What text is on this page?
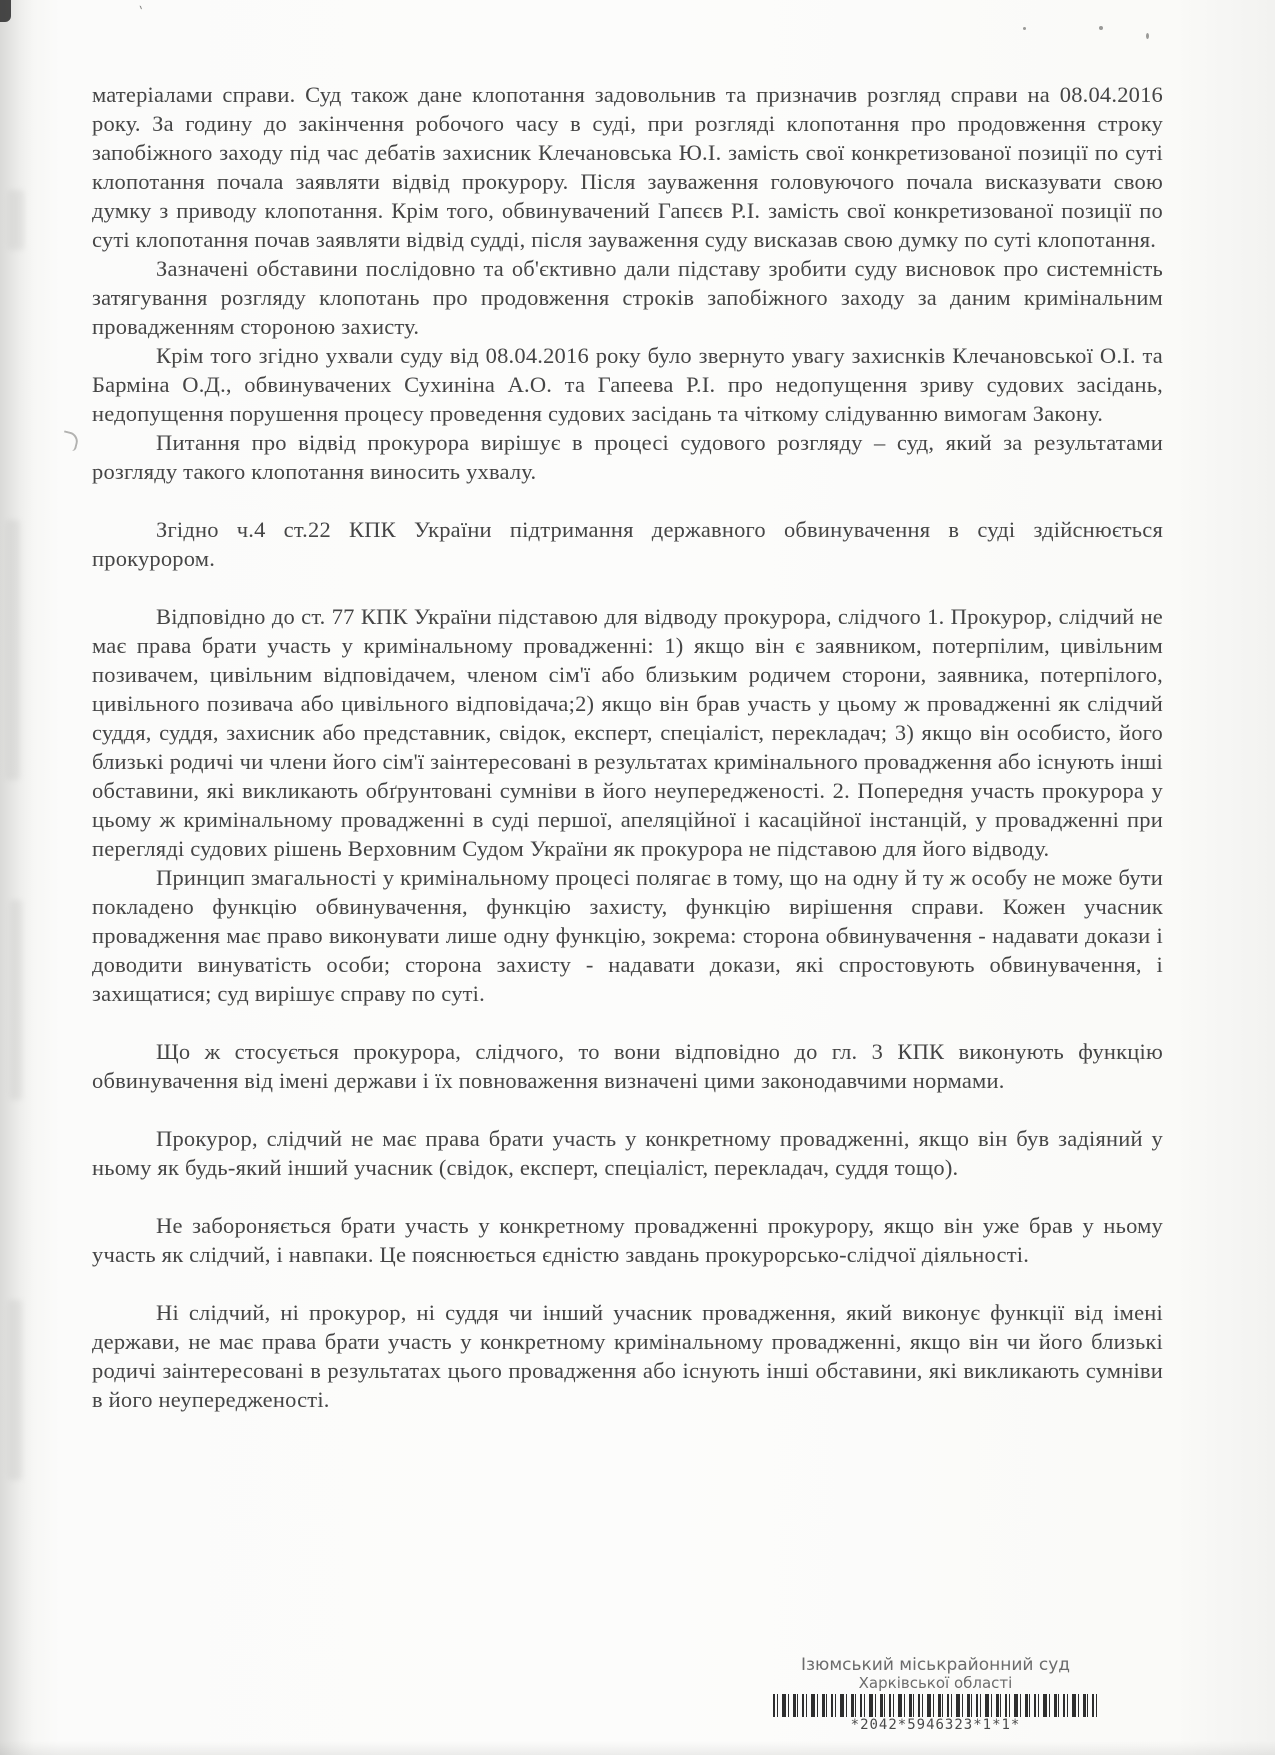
`

матеріалами справи. Суд також дане клопотання задовольнив та призначив розгляд справи на 08.04.2016 року. За годину до закінчення робочого часу в суді, при розгляді клопотання про продовження строку запобіжного заходу під час дебатів захисник Клечановська Ю.І. замість свої конкретизованої позиції по суті клопотання почала заявляти відвід прокурору. Після зауваження головуючого почала висказувати свою думку з приводу клопотання. Крім того, обвинувачений Гапєєв Р.І. замість свої конкретизованої позиції по суті клопотання почав заявляти відвід судді, після зауваження суду висказав свою думку по суті клопотання.

Зазначені обставини послідовно та об'єктивно дали підставу зробити суду висновок про системність затягування розгляду клопотань про продовження строків запобіжного заходу за даним кримінальним провадженням стороною захисту.

Крім того згідно ухвали суду від 08.04.2016 року було звернуто увагу захиснків Клечановської О.І. та Барміна О.Д., обвинувачених Сухиніна А.О. та Гапеева Р.І. про недопущення зриву судових засідань, недопущення порушення процесу проведення судових засідань та чіткому слідуванню вимогам Закону.

Питання про відвід прокурора вирішує в процесі судового розгляду – суд, який за результатами розгляду такого клопотання виносить ухвалу.

Згідно ч.4 ст.22 КПК України підтримання державного обвинувачення в суді здійснюється прокурором.

Відповідно до ст. 77 КПК України підставою для відводу прокурора, слідчого 1. Прокурор, слідчий не має права брати участь у кримінальному провадженні: 1) якщо він є заявником, потерпілим, цивільним позивачем, цивільним відповідачем, членом сім'ї або близьким родичем сторони, заявника, потерпілого, цивільного позивача або цивільного відповідача;2) якщо він брав участь у цьому ж провадженні як слідчий суддя, суддя, захисник або представник, свідок, експерт, спеціаліст, перекладач; 3) якщо він особисто, його близькі родичі чи члени його сім'ї заінтересовані в результатах кримінального провадження або існують інші обставини, які викликають обґрунтовані сумніви в його неупередженості. 2. Попередня участь прокурора у цьому ж кримінальному провадженні в суді першої, апеляційної і касаційної інстанцій, у провадженні при перегляді судових рішень Верховним Судом України як прокурора не підставою для його відводу.

Принцип змагальності у кримінальному процесі полягає в тому, що на одну й ту ж особу не може бути покладено функцію обвинувачення, функцію захисту, функцію вирішення справи. Кожен учасник провадження має право виконувати лише одну функцію, зокрема: сторона обвинувачення - надавати докази і доводити винуватість особи; сторона захисту - надавати докази, які спростовують обвинувачення, і захищатися; суд вирішує справу по суті.

Що ж стосується прокурора, слідчого, то вони відповідно до гл. 3 КПК виконують функцію обвинувачення від імені держави і їх повноваження визначені цими законодавчими нормами.

Прокурор, слідчий не має права брати участь у конкретному провадженні, якщо він був задіяний у ньому як будь-який інший учасник (свідок, експерт, спеціаліст, перекладач, суддя тощо).

Не забороняється брати участь у конкретному провадженні прокурору, якщо він уже брав у ньому участь як слідчий, і навпаки. Це пояснюється єдністю завдань прокурорсько-слідчої діяльності.

Ні слідчий, ні прокурор, ні суддя чи інший учасник провадження, який виконує функції від імені держави, не має права брати участь у конкретному кримінальному провадженні, якщо він чи його близькі родичі заінтересовані в результатах цього провадження або існують інші обставини, які викликають сумніви в його неупередженості.

Ізюмський міськрайонний суд
Харківської області
*2042*5946323*1*1*
